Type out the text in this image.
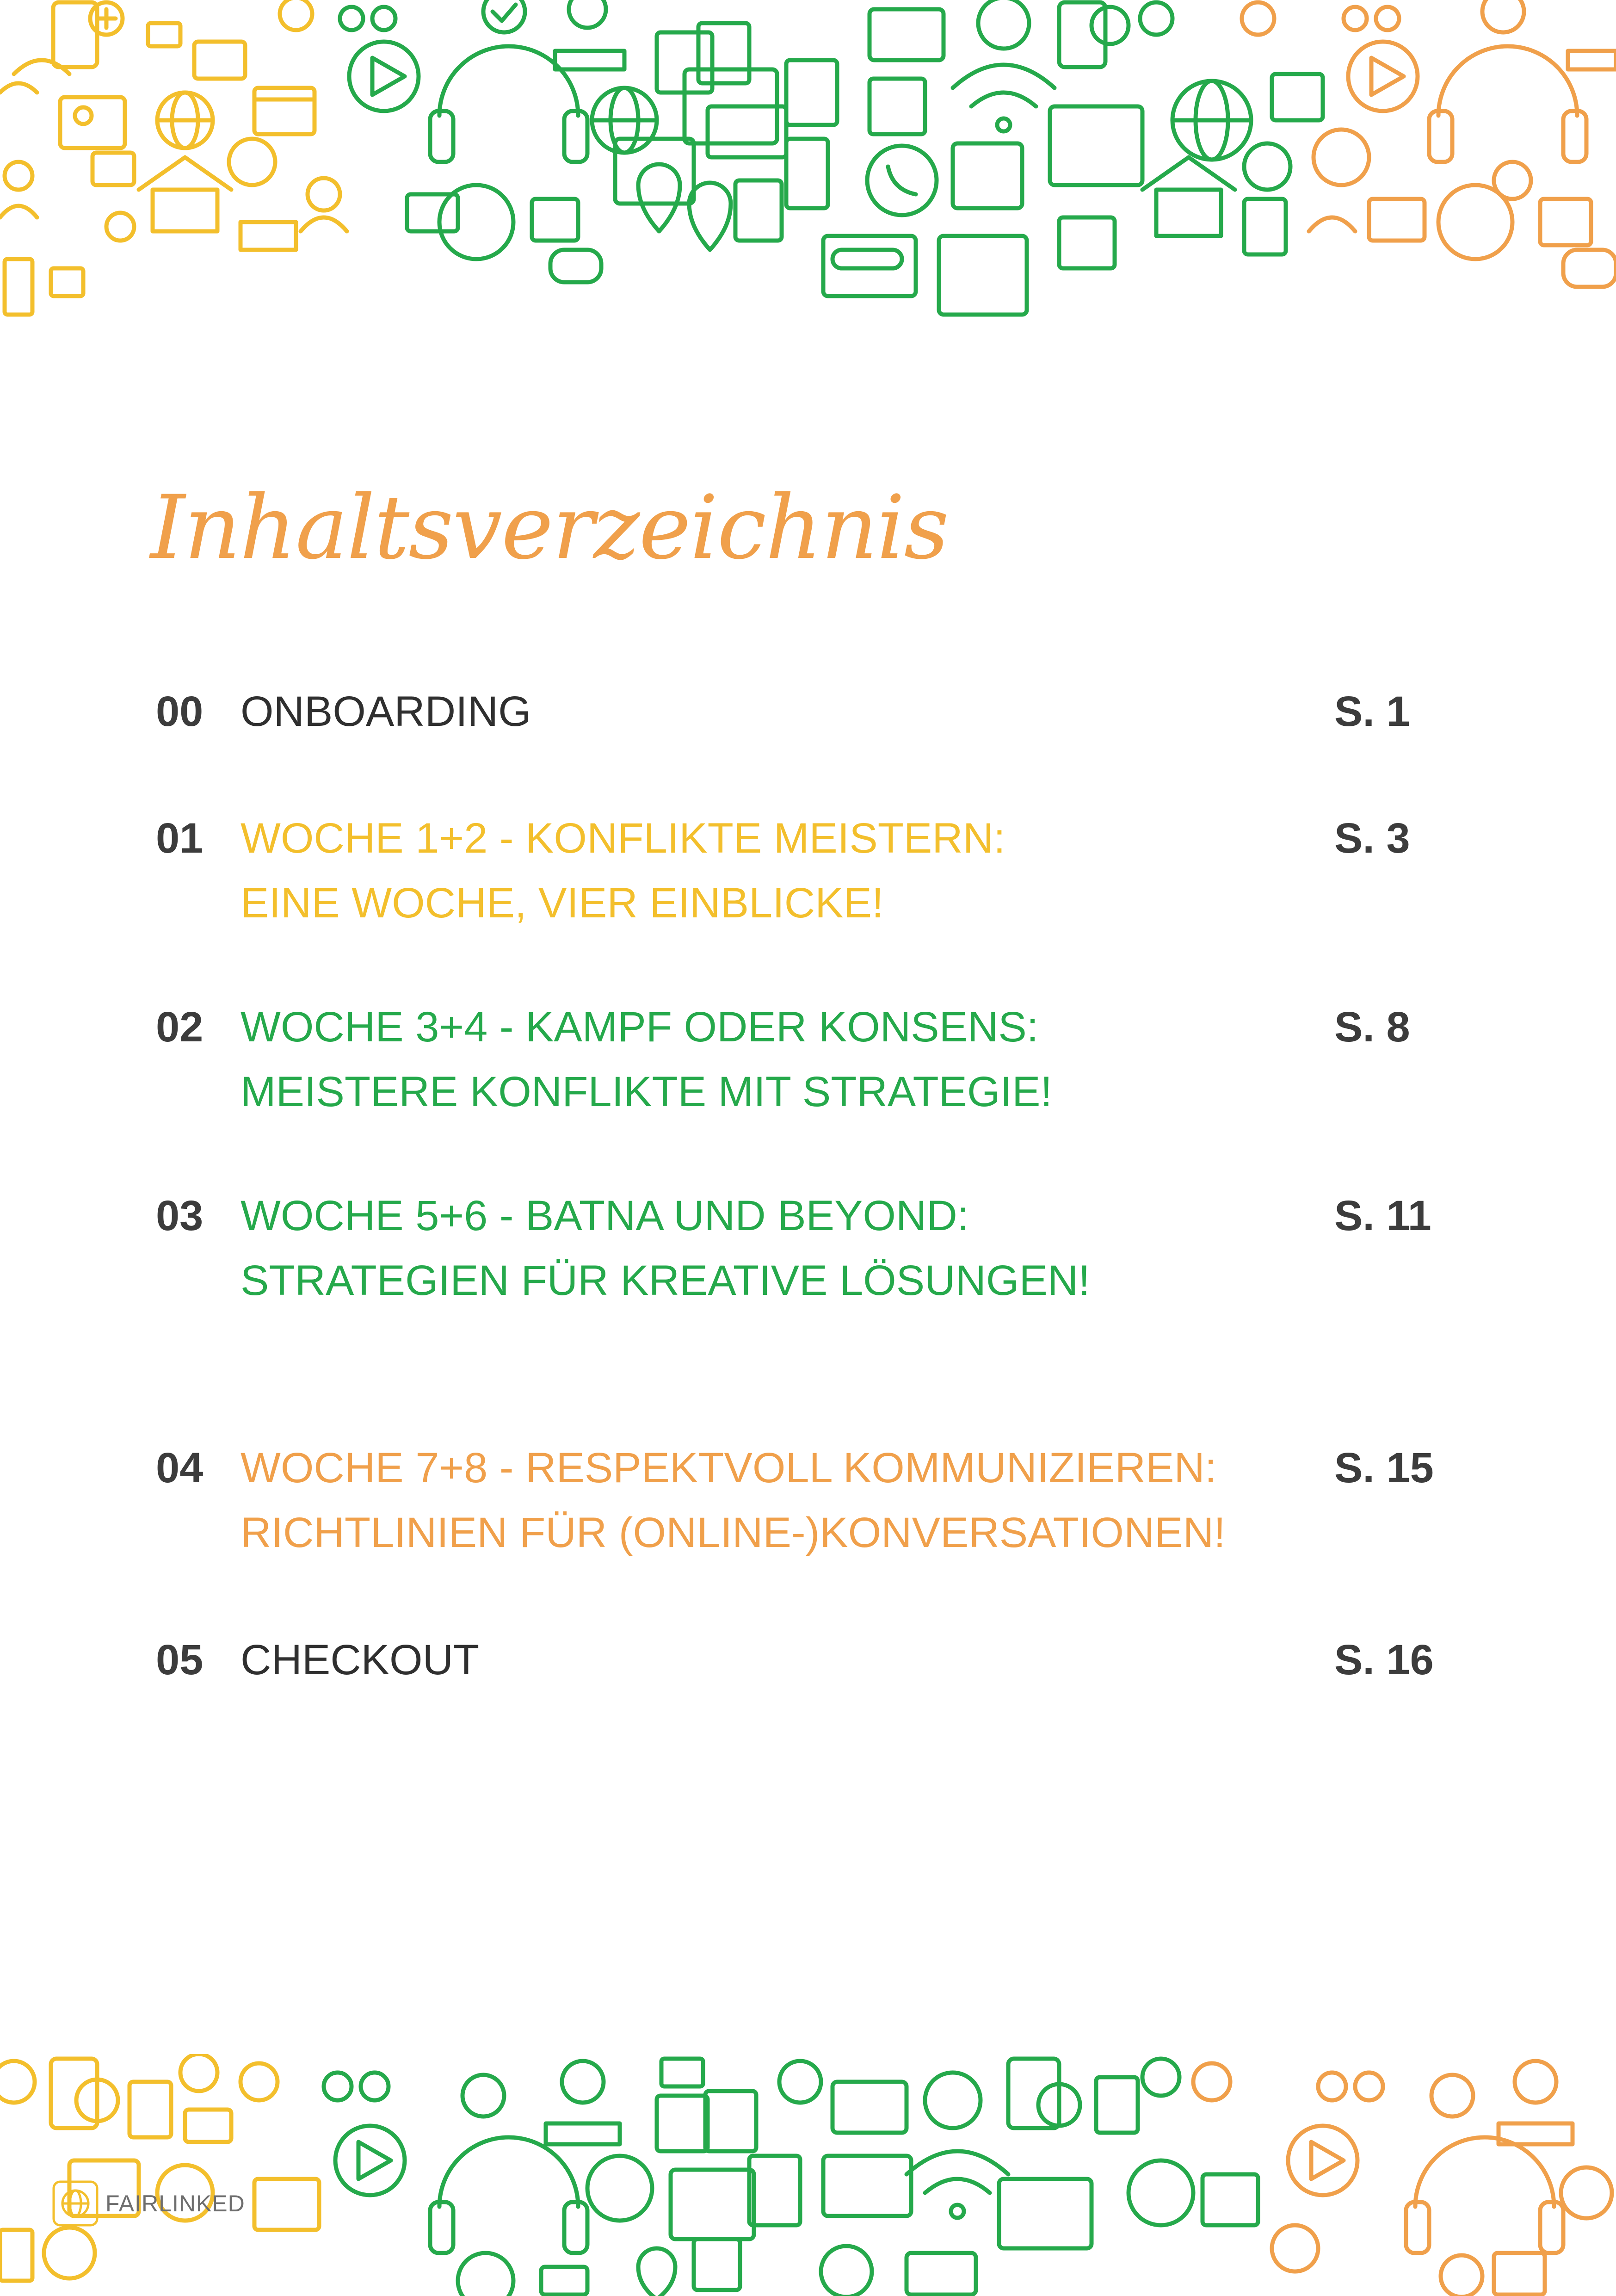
Inhaltsverzeichnis
00 ONBOARDING	S. 1
01 WOCHE 1+2 - KONFLIKTE MEISTERN:
EINE WOCHE, VIER EINBLICKE!
S. 3
02 WOCHE 3+4 - KAMPF ODER KONSENS:
MEISTERE KONFLIKTE MIT STRATEGIE!
S. 8
03 WOCHE 5+6 - BATNA UND BEYOND:
STRATEGIEN FÜR KREATIVE LÖSUNGEN!
S. 11
04 WOCHE 7+8 - RESPEKTVOLL KOMMUNIZIEREN:
RICHTLINIEN FÜR (ONLINE-)KONVERSATIONEN!
S. 15
05 CHECKOUT	S. 16
FAIRLINKED
